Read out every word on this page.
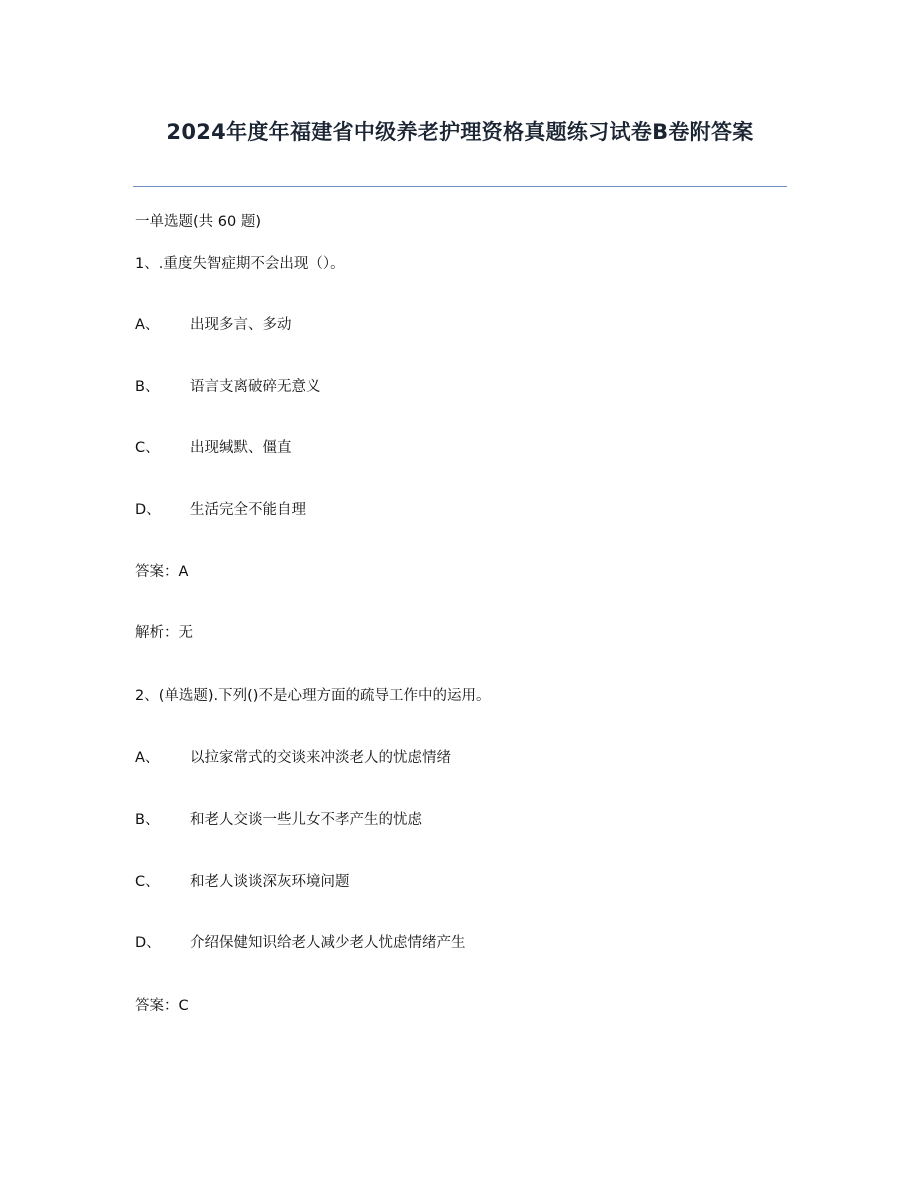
2024年度年福建省中级养老护理资格真题练习试卷B卷附答案
一单选题(共 60 题)
1、.重度失智症期不会出现（）。
A、 出现多言、多动
B、 语言支离破碎无意义
C、 出现缄默、僵直
D、 生活完全不能自理
答案：A
解析：无
2、(单选题).下列()不是心理方面的疏导工作中的运用。
A、 以拉家常式的交谈来冲淡老人的忧虑情绪
B、 和老人交谈一些儿女不孝产生的忧虑
C、 和老人谈谈深灰环境问题
D、 介绍保健知识给老人减少老人忧虑情绪产生
答案：C
